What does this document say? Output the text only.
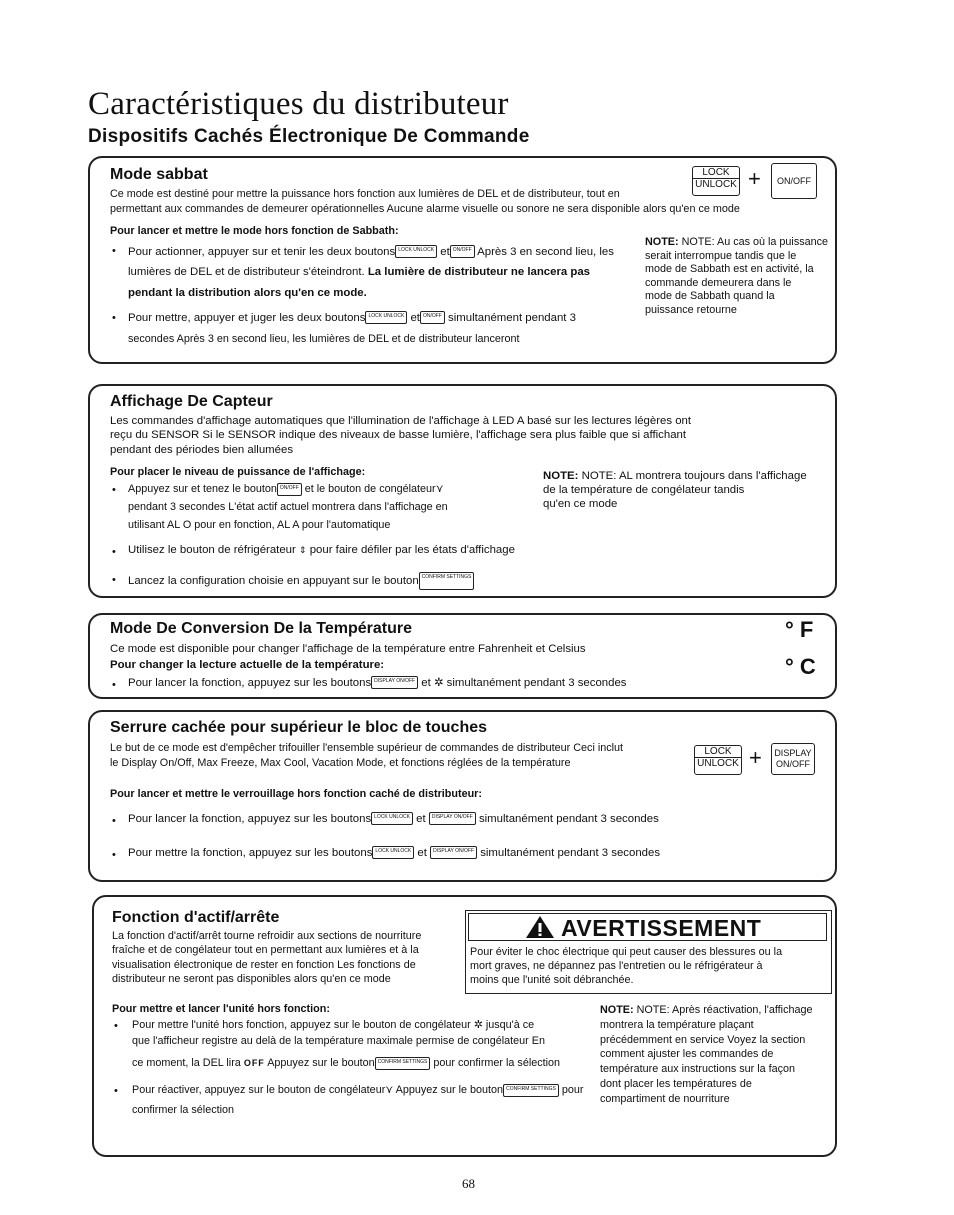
Caractéristiques du distributeur
Dispositifs Cachés Électronique De Commande
Mode sabbat
Ce mode est destiné pour mettre la puissance hors fonction aux lumières de DEL et de distributeur, tout en
permettant aux commandes de demeurer opérationnelles Aucune alarme visuelle ou sonore ne sera disponible alors qu'en ce mode
LOCK
UNLOCK +	ON/OFF
Pour lancer et mettre le mode hors fonction de Sabbath:
• Pour actionner, appuyer sur et tenir les deux boutons LOCK UNLOCK et ON/OFF Après 3 en second lieu, les
lumières de DEL et de distributeur s'éteindront. La lumière de distributeur ne lancera pas
pendant la distribution alors qu'en ce mode.
• Pour mettre, appuyer et juger les deux boutons LOCK UNLOCK et ON/OFF simultanément pendant 3
secondes Après 3 en second lieu, les lumières de DEL et de distributeur lanceront
NOTE: NOTE: Au cas où la puissance
serait interrompue tandis que le
mode de Sabbath est en activité, la
commande demeurera dans le
mode de Sabbath quand la
puissance retourne
Affichage De Capteur
Les commandes d'affichage automatiques que l'illumination de l'affichage à LED A basé sur les lectures légères ont
reçu du SENSOR Si le SENSOR indique des niveaux de basse lumière, l'affichage sera plus faible que si affichant
pendant des périodes bien allumées
Pour placer le niveau de puissance de l'affichage:
• Appuyez sur et tenez le bouton ON/OFF et le bouton de congélateur⋎
pendant 3 secondes L'état actif actuel montrera dans l'affichage en
utilisant AL O pour en fonction, AL A pour l'automatique
NOTE: NOTE: AL montrera toujours dans l'affichage
de la température de congélateur tandis
qu'en ce mode
• Utilisez le bouton de réfrigérateur ⇕ pour faire défiler par les états d'affichage
• Lancez la configuration choisie en appuyant sur le bouton CONFIRM SETTINGS
Mode De Conversion De la Température
Ce mode est disponible pour changer l'affichage de la température entre Fahrenheit et Celsius
Pour changer la lecture actuelle de la température:
• Pour lancer la fonction, appuyez sur les boutons DISPLAY ON/OFF et ✲ simultanément pendant 3 secondes
° F
° C
Serrure cachée pour supérieur le bloc de touches
Le but de ce mode est d'empêcher trifouiller l'ensemble supérieur de commandes de distributeur Ceci inclut
le Display On/Off, Max Freeze, Max Cool, Vacation Mode, et fonctions réglées de la température
LOCK
UNLOCK + DISPLAY
ON/OFF
Pour lancer et mettre le verrouillage hors fonction caché de distributeur:
• Pour lancer la fonction, appuyez sur les boutons LOCK UNLOCK et DISPLAY ON/OFF simultanément pendant 3 secondes
• Pour mettre la fonction, appuyez sur les boutons LOCK UNLOCK et DISPLAY ON/OFF simultanément pendant 3 secondes
Fonction d'actif/arrête
La fonction d'actif/arrêt tourne refroidir aux sections de nourriture
fraîche et de congélateur tout en permettant aux lumières et à la
visualisation électronique de rester en fonction Les fonctions de
distributeur ne seront pas disponibles alors qu'en ce mode
AVERTISSEMENT
Pour éviter le choc électrique qui peut causer des blessures ou la
mort graves, ne dépannez pas l'entretien ou le réfrigérateur à
moins que l'unité soit débranchée.
Pour mettre et lancer l'unité hors fonction:
• Pour mettre l'unité hors fonction, appuyez sur le bouton de congélateur ✲ jusqu'à ce
que l'afficheur registre au delà de la température maximale permise de congélateur En
ce moment, la DEL lira OFF Appuyez sur le bouton CONFIRM SETTINGS pour confirmer la sélection
• Pour réactiver, appuyez sur le bouton de congélateur⋎ Appuyez sur le bouton CONFIRM SETTINGS pour
confirmer la sélection
NOTE: NOTE: Après réactivation, l'affichage
montrera la température plaçant
précédemment en service Voyez la section
comment ajuster les commandes de
température aux instructions sur la façon
dont placer les températures de
compartiment de nourriture
68
